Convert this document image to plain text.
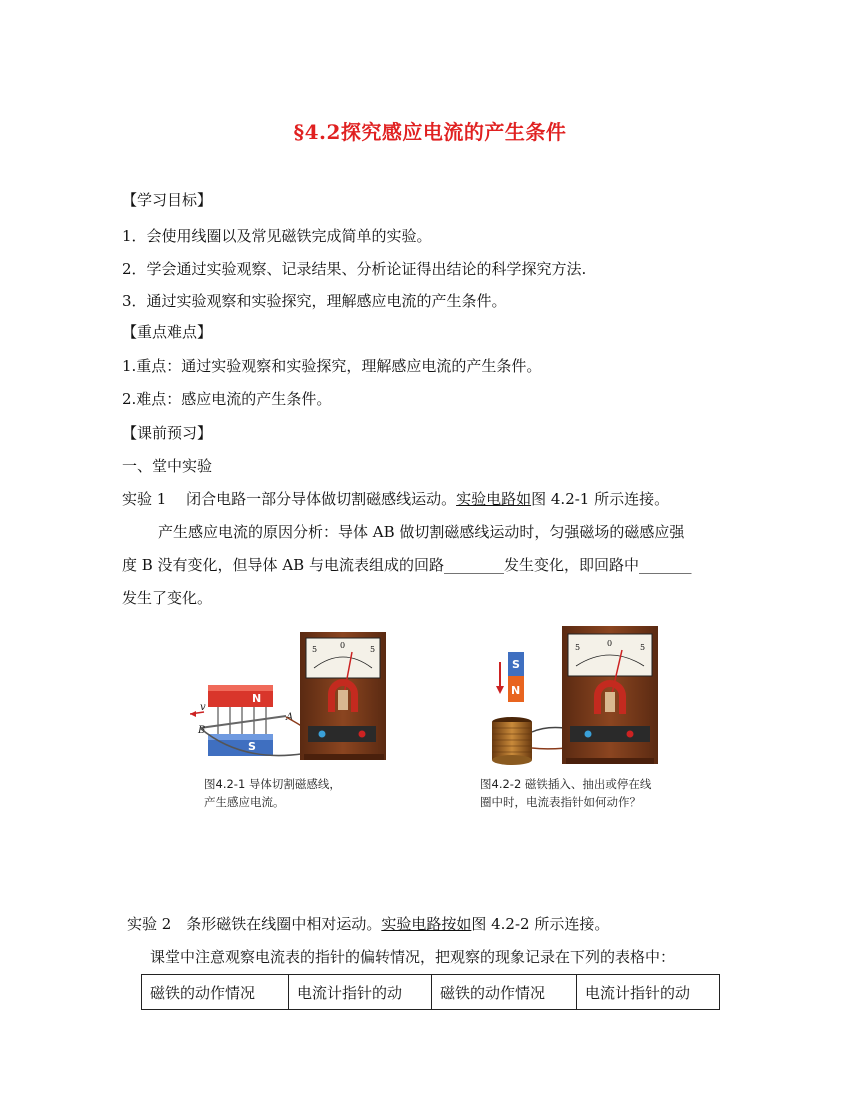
§4.2探究感应电流的产生条件
【学习目标】
1．会使用线圈以及常见磁铁完成简单的实验。
2．学会通过实验观察、记录结果、分析论证得出结论的科学探究方法.
3．通过实验观察和实验探究，理解感应电流的产生条件。
【重点难点】
1.重点：通过实验观察和实验探究，理解感应电流的产生条件。
2.难点：感应电流的产生条件。
【课前预习】
一、堂中实验
实验 1　 闭合电路一部分导体做切割磁感线运动。实验电路如图 4.2-1 所示连接。
产生感应电流的原因分析：导体 AB 做切割磁感线运动时，匀强磁场的磁感应强
度 B 没有变化，但导体 AB 与电流表组成的回路________发生变化，即回路中_______
发生了变化。
N
S
v
A
B
5	0	5
图4.2-1 导体切割磁感线，
产生感应电流。
S
N
5	0	5
图4.2-2 磁铁插入、抽出或停在线
圈中时，电流表指针如何动作？
实验 2　条形磁铁在线圈中相对运动。实验电路按如图 4.2-2 所示连接。
课堂中注意观察电流表的指针的偏转情况，把观察的现象记录在下列的表格中：
磁铁的动作情况	电流计指针的动	磁铁的动作情况	电流计指针的动
